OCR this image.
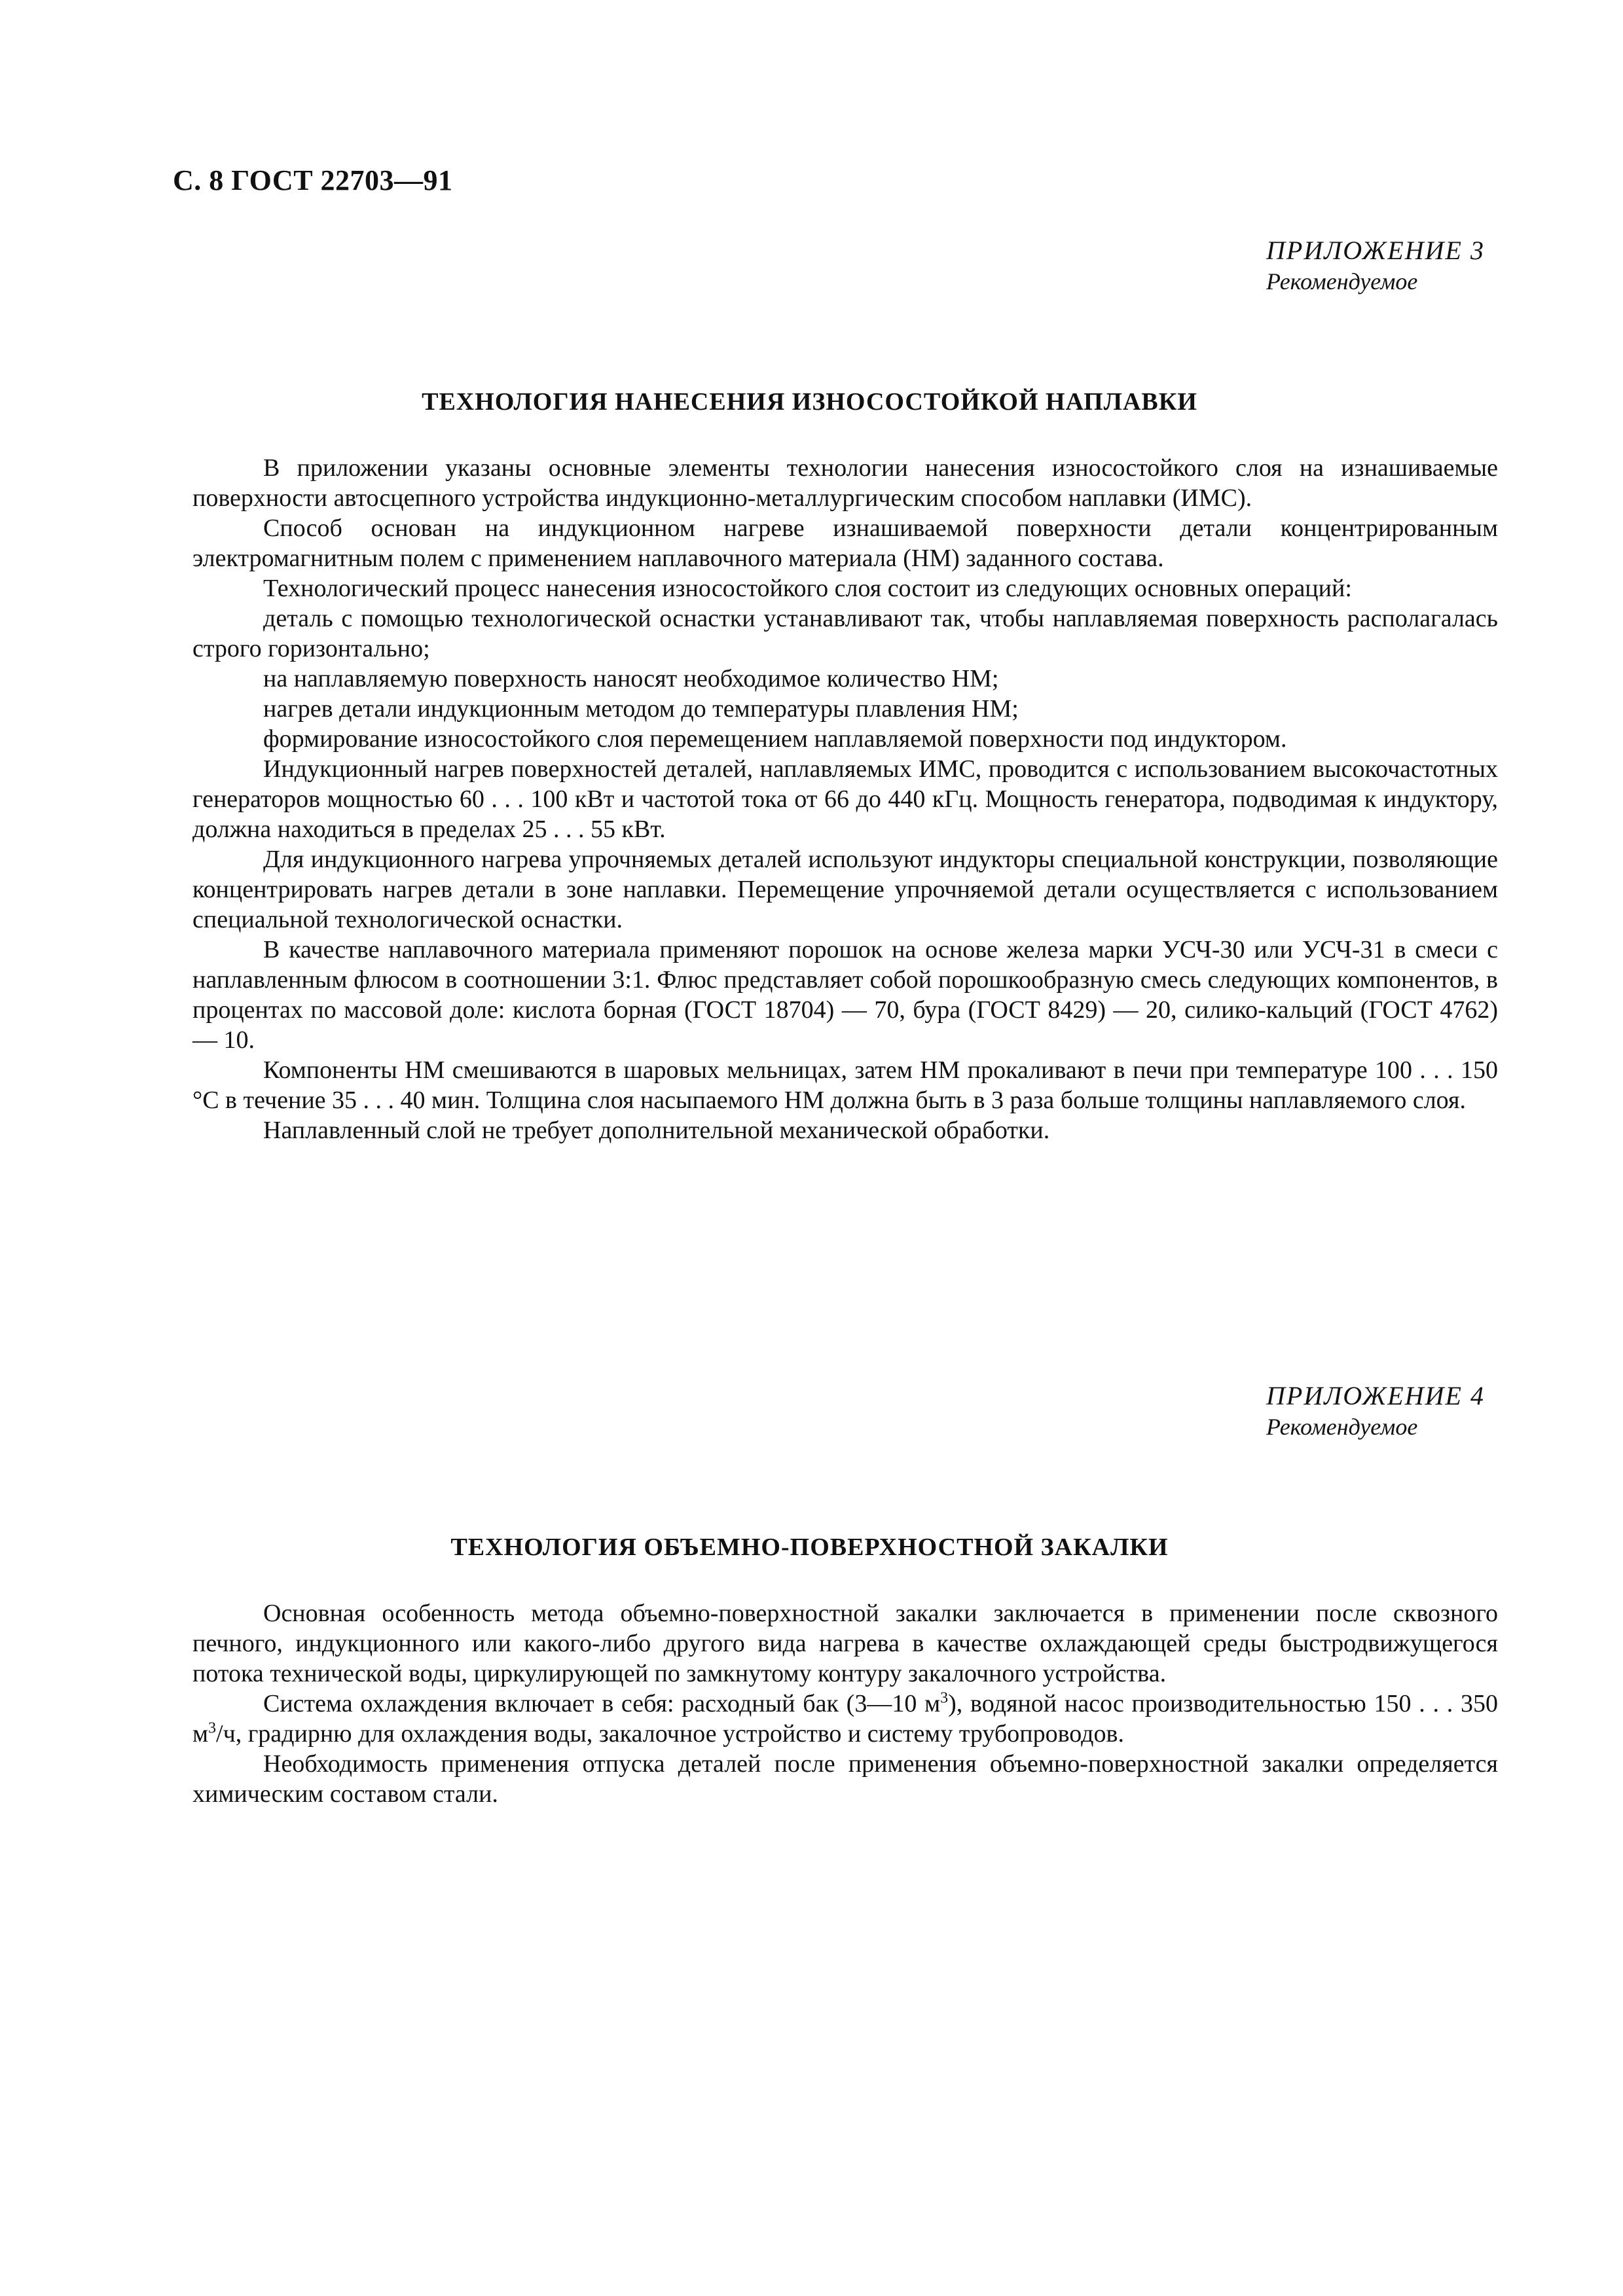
С. 8 ГОСТ 22703—91
ПРИЛОЖЕНИЕ 3
Рекомендуемое
ТЕХНОЛОГИЯ НАНЕСЕНИЯ ИЗНОСОСТОЙКОЙ НАПЛАВКИ

В приложении указаны основные элементы технологии нанесения износостойкого слоя на изнашиваемые поверхности автосцепного устройства индукционно-металлургическим способом наплавки (ИМС).

Способ основан на индукционном нагреве изнашиваемой поверхности детали концентрированным электромагнитным полем с применением наплавочного материала (НМ) заданного состава.

Технологический процесс нанесения износостойкого слоя состоит из следующих основных операций:

деталь с помощью технологической оснастки устанавливают так, чтобы наплавляемая поверхность располагалась строго горизонтально;

на наплавляемую поверхность наносят необходимое количество НМ;

нагрев детали индукционным методом до температуры плавления НМ;

формирование износостойкого слоя перемещением наплавляемой поверхности под индуктором.

Индукционный нагрев поверхностей деталей, наплавляемых ИМС, проводится с использованием высокочастотных генераторов мощностью 60 . . . 100 кВт и частотой тока от 66 до 440 кГц. Мощность генератора, подводимая к индуктору, должна находиться в пределах 25 . . . 55 кВт.

Для индукционного нагрева упрочняемых деталей используют индукторы специальной конструкции, позволяющие концентрировать нагрев детали в зоне наплавки. Перемещение упрочняемой детали осуществляется с использованием специальной технологической оснастки.

В качестве наплавочного материала применяют порошок на основе железа марки УСЧ-30 или УСЧ-31 в смеси с наплавленным флюсом в соотношении 3:1. Флюс представляет собой порошкообразную смесь следующих компонентов, в процентах по массовой доле: кислота борная (ГОСТ 18704) — 70, бура (ГОСТ 8429) — 20, силико-кальций (ГОСТ 4762) — 10.

Компоненты НМ смешиваются в шаровых мельницах, затем НМ прокаливают в печи при температуре 100 . . . 150 °С в течение 35 . . . 40 мин. Толщина слоя насыпаемого НМ должна быть в 3 раза больше толщины наплавляемого слоя.

Наплавленный слой не требует дополнительной механической обработки.

ПРИЛОЖЕНИЕ 4
Рекомендуемое
ТЕХНОЛОГИЯ ОБЪЕМНО-ПОВЕРХНОСТНОЙ ЗАКАЛКИ

Основная особенность метода объемно-поверхностной закалки заключается в применении после сквозного печного, индукционного или какого-либо другого вида нагрева в качестве охлаждающей среды быстродвижущегося потока технической воды, циркулирующей по замкнутому контуру закалочного устройства.

Система охлаждения включает в себя: расходный бак (3—10 $м^3$), водяной насос производительностью 150 . . . 350 $м^3/ч$, градирню для охлаждения воды, закалочное устройство и систему трубопроводов.

Необходимость применения отпуска деталей после применения объемно-поверхностной закалки определяется химическим составом стали.
